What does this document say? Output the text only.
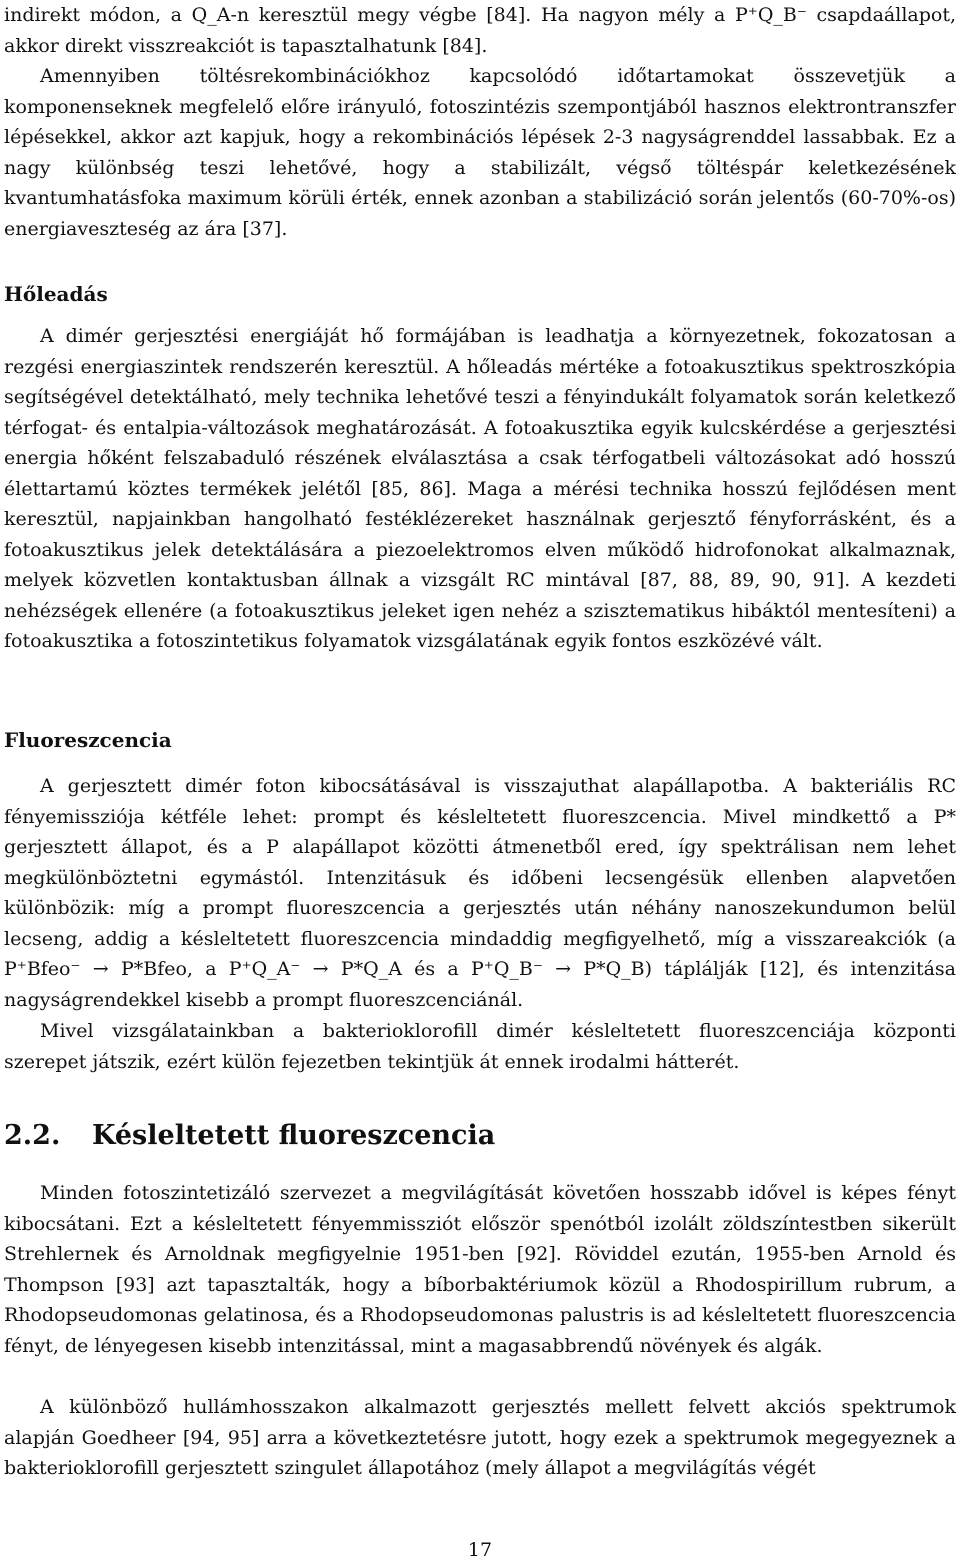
indirekt módon, a Q_A-n keresztül megy végbe [84]. Ha nagyon mély a P⁺Q_B⁻ csapdaállapot, akkor direkt visszreakciót is tapasztalhatunk [84].

Amennyiben töltésrekombinációkhoz kapcsolódó időtartamokat összevetjük a komponenseknek megfelelő előre irányuló, fotoszintézis szempontjából hasznos elektrontranszfer lépésekkel, akkor azt kapjuk, hogy a rekombinációs lépések 2-3 nagyságrenddel lassabbak. Ez a nagy különbség teszi lehetővé, hogy a stabilizált, végső töltéspár keletkezésének kvantumhatásfoka maximum körüli érték, ennek azonban a stabilizáció során jelentős (60-70%-os) energiaveszteség az ára [37].

Hőleadás

A dimér gerjesztési energiáját hő formájában is leadhatja a környezetnek, fokozatosan a rezgési energiaszintek rendszerén keresztül. A hőleadás mértéke a fotoakusztikus spektroszkópia segítségével detektálható, mely technika lehetővé teszi a fényindukált folyamatok során keletkező térfogat- és entalpia-változások meghatározását. A fotoakusztika egyik kulcskérdése a gerjesztési energia hőként felszabaduló részének elválasztása a csak térfogatbeli változásokat adó hosszú élettartamú köztes termékek jelétől [85, 86]. Maga a mérési technika hosszú fejlődésen ment keresztül, napjainkban hangolható festéklézereket használnak gerjesztő fényforrásként, és a fotoakusztikus jelek detektálására a piezoelektromos elven működő hidrofonokat alkalmaznak, melyek közvetlen kontaktusban állnak a vizsgált RC mintával [87, 88, 89, 90, 91]. A kezdeti nehézségek ellenére (a fotoakusztikus jeleket igen nehéz a szisztematikus hibáktól mentesíteni) a fotoakusztika a fotoszintetikus folyamatok vizsgálatának egyik fontos eszközévé vált.

Fluoreszcencia

A gerjesztett dimér foton kibocsátásával is visszajuthat alapállapotba. A bakteriális RC fényemissziója kétféle lehet: prompt és késleltetett fluoreszcencia. Mivel mindkettő a P* gerjesztett állapot, és a P alapállapot közötti átmenetből ered, így spektrálisan nem lehet megkülönböztetni egymástól. Intenzitásuk és időbeni lecsengésük ellenben alapvetően különbözik: míg a prompt fluoreszcencia a gerjesztés után néhány nanoszekundumon belül lecseng, addig a késleltetett fluoreszcencia mindaddig megfigyelhető, míg a visszareakciók (a P⁺Bfeo⁻ → P*Bfeo, a P⁺Q_A⁻ → P*Q_A és a P⁺Q_B⁻ → P*Q_B) táplálják [12], és intenzitása nagyságrendekkel kisebb a prompt fluoreszcenciánál.

Mivel vizsgálatainkban a bakterioklorofill dimér késleltetett fluoreszcenciája központi szerepet játszik, ezért külön fejezetben tekintjük át ennek irodalmi hátterét.

2.2. Késleltetett fluoreszcencia

Minden fotoszintetizáló szervezet a megvilágítását követően hosszabb idővel is képes fényt kibocsátani. Ezt a késleltetett fényemmissziót először spenótból izolált zöldszíntestben sikerült Strehlernek és Arnoldnak megfigyelnie 1951-ben [92]. Röviddel ezután, 1955-ben Arnold és Thompson [93] azt tapasztalták, hogy a bíborbaktériumok közül a Rhodospirillum rubrum, a Rhodopseudomonas gelatinosa, és a Rhodopseudomonas palustris is ad késleltetett fluoreszcencia fényt, de lényegesen kisebb intenzitással, mint a magasabbrendű növények és algák.

A különböző hullámhosszakon alkalmazott gerjesztés mellett felvett akciós spektrumok alapján Goedheer [94, 95] arra a következtetésre jutott, hogy ezek a spektrumok megegyeznek a bakterioklorofill gerjesztett szingulet állapotához (mely állapot a megvilágítás végét

17
